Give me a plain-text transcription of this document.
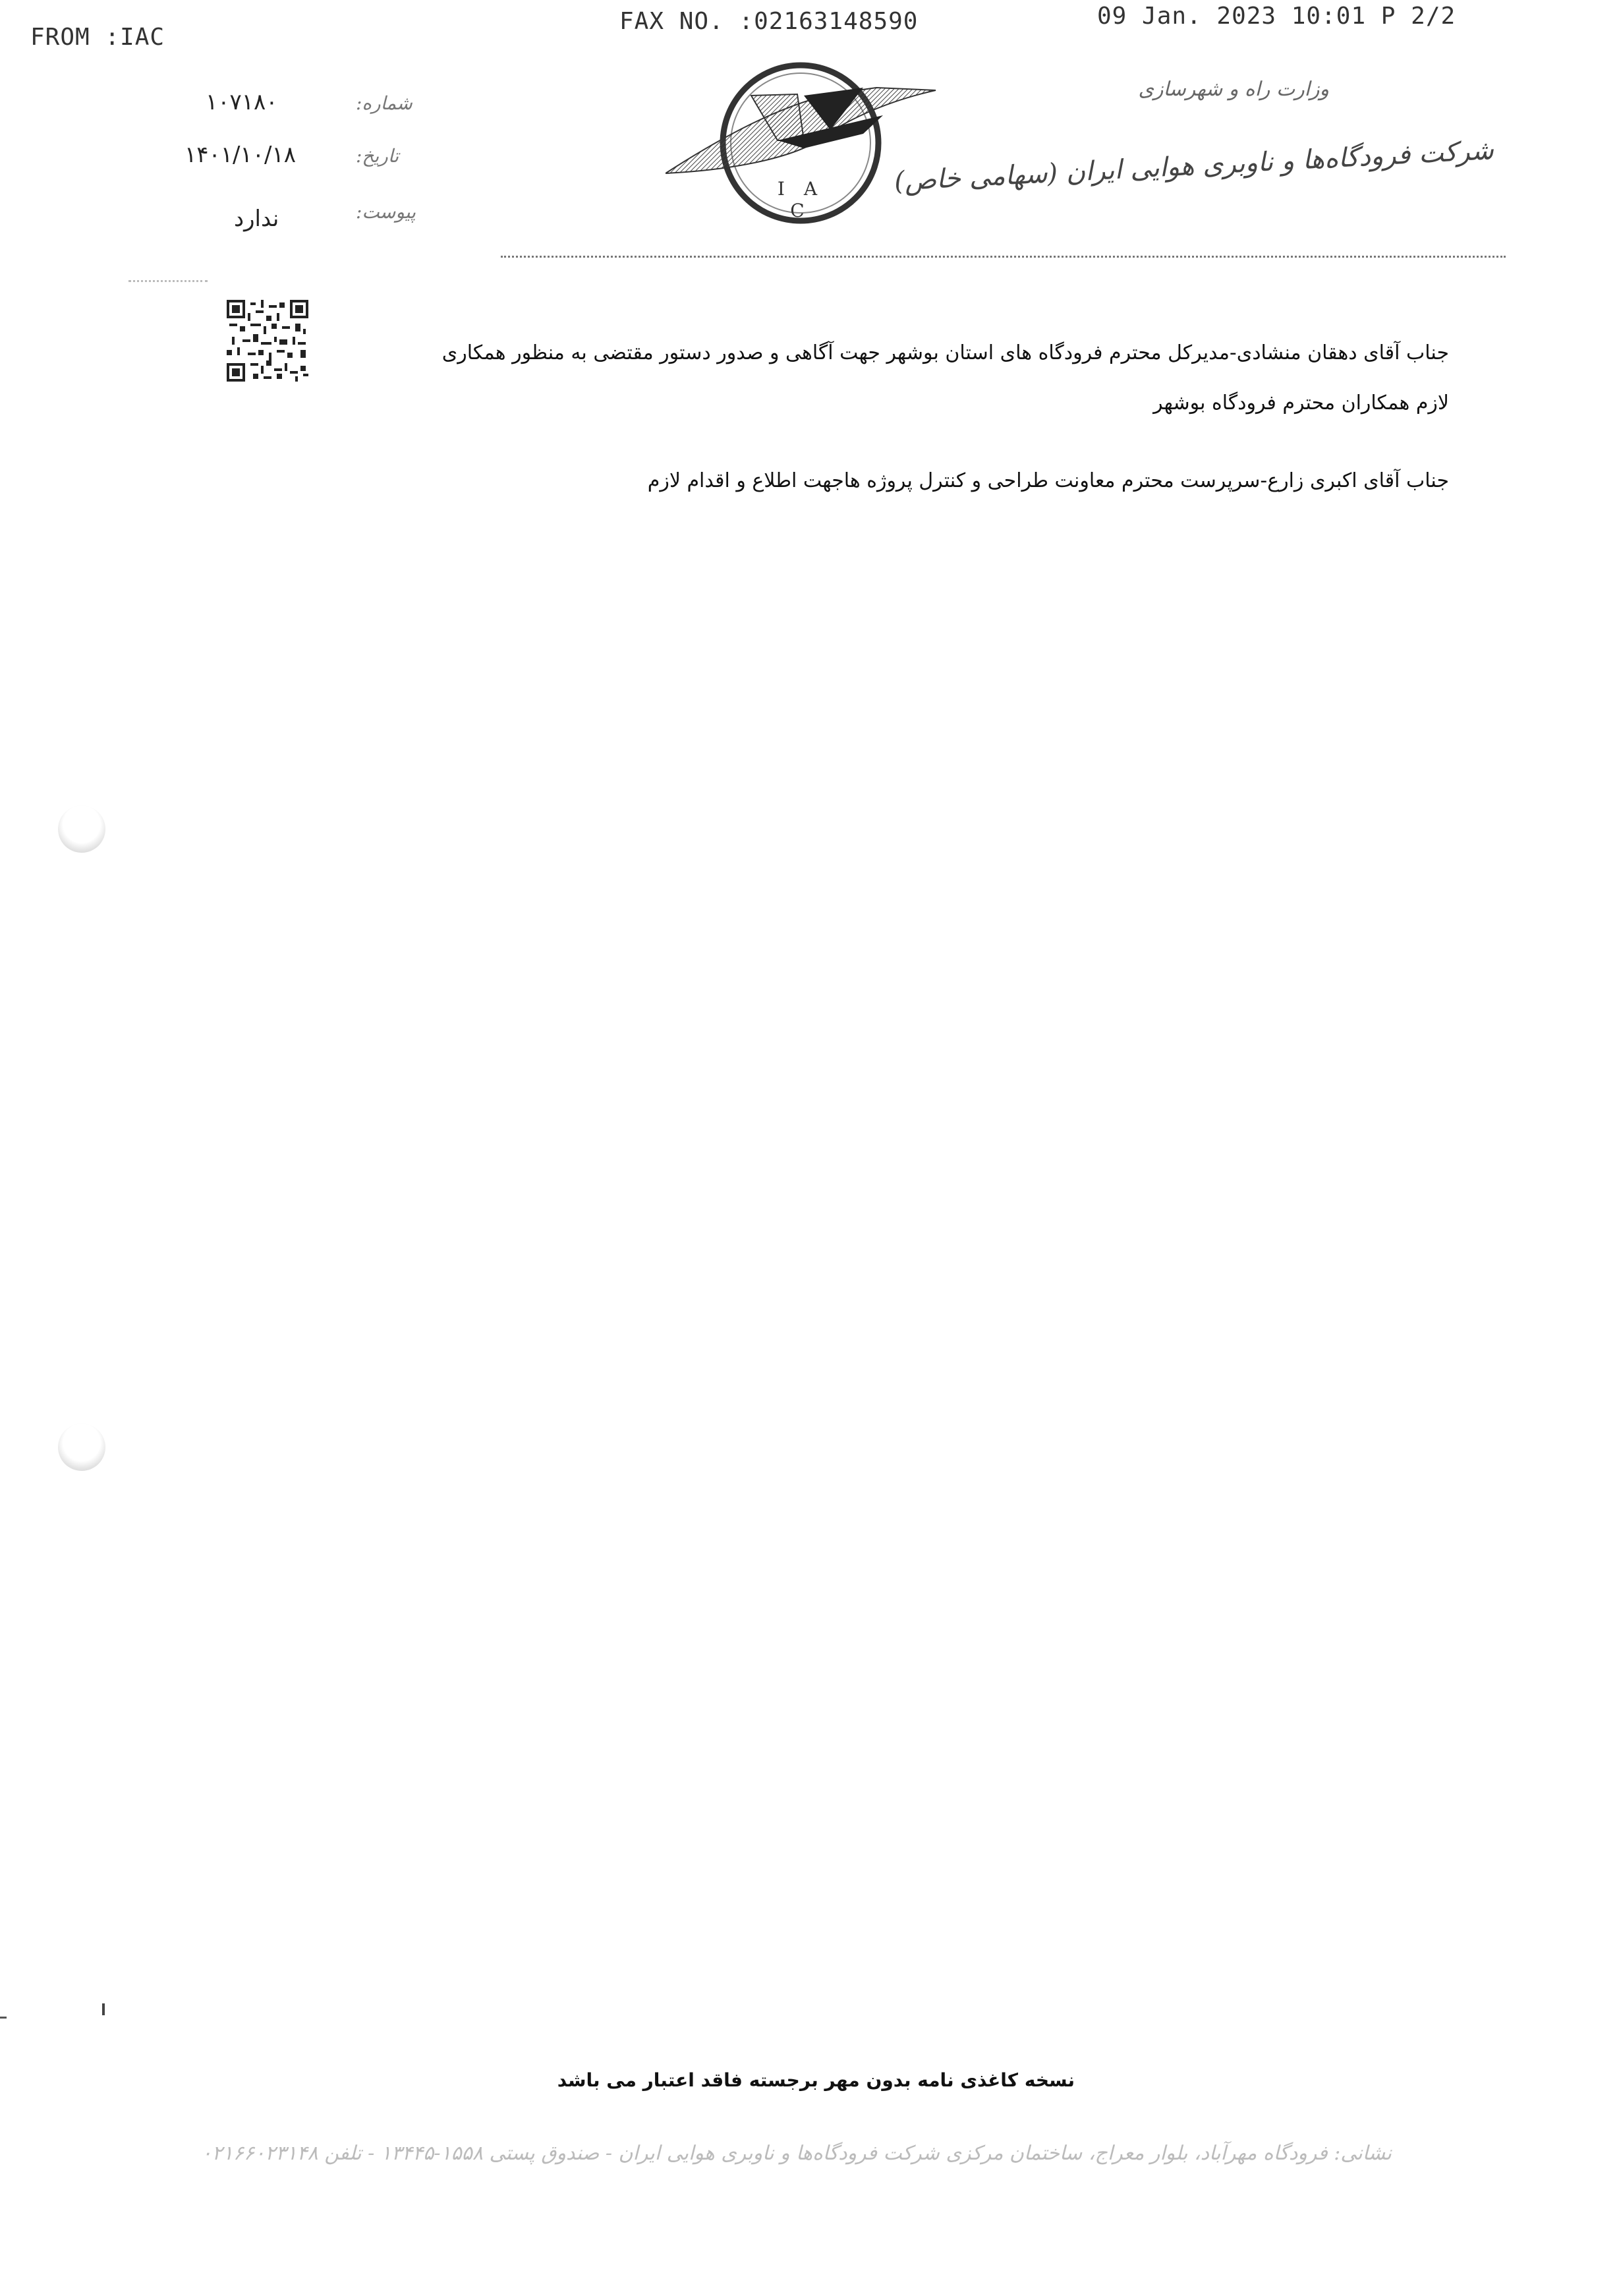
FROM :IAC
FAX NO. :02163148590	09 Jan. 2023 10:01 P 2/2
۱۰۷۱۸۰	شماره:
۱۴۰۱/۱۰/۱۸	تاریخ:
ندارد	پیوست:
I A C
وزارت راه و شهرسازی
شرکت فرودگاه‌ها و ناوبری هوایی ایران (سهامی خاص)
جناب آقای دهقان منشادی-مدیرکل محترم فرودگاه های استان بوشهر جهت آگاهی و صدور دستور مقتضی به منظور همکاری
لازم همکاران محترم فرودگاه بوشهر
جناب آقای اکبری زارع-سرپرست محترم معاونت طراحی و کنترل پروژه هاجهت اطلاع و اقدام لازم
نسخه کاغذی نامه بدون مهر برجسته فاقد اعتبار می باشد
نشانی: فرودگاه مهرآباد، بلوار معراج، ساختمان مرکزی شرکت فرودگاه‌ها و ناوبری هوایی ایران - صندوق پستی ۱۵۵۸-۱۳۴۴۵ - تلفن ۰۲۱۶۶۰۲۳۱۴۸
